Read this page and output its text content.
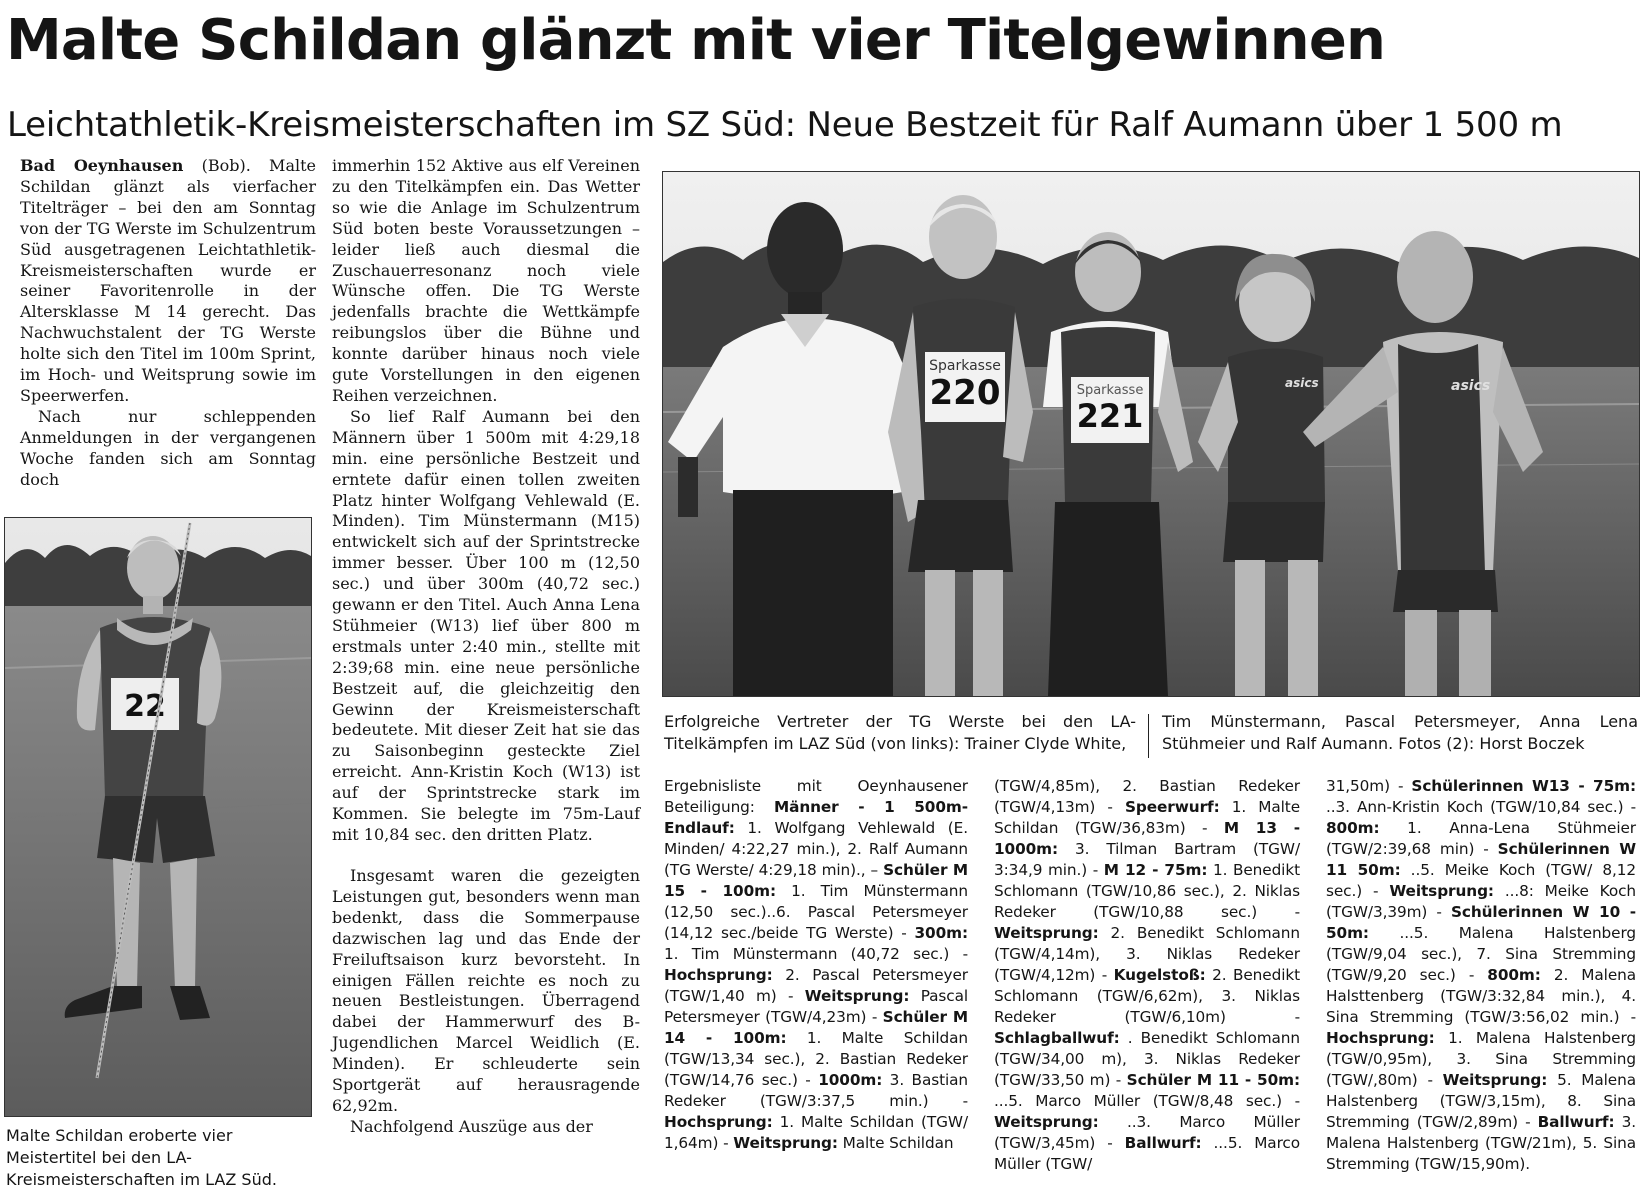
Malte Schildan glänzt mit vier Titelgewinnen
Leichtathletik-Kreismeisterschaften im SZ Süd: Neue Bestzeit für Ralf Aumann über 1 500 m

Bad Oeynhausen (Bob). Malte Schildan glänzt als vierfacher Titelträger – bei den am Sonntag von der TG Werste im Schulzentrum Süd ausgetragenen Leichtathletik-Kreismeisterschaften wurde er seiner Favoritenrolle in der Altersklasse M 14 gerecht. Das Nachwuchstalent der TG Werste holte sich den Titel im 100m Sprint, im Hoch- und Weitsprung sowie im Speerwerfen.

Nach nur schleppenden Anmeldungen in der vergangenen Woche fanden sich am Sonntag doch

22

Malte Schildan eroberte vier Meistertitel bei den LA-Kreismeisterschaften im LAZ Süd.

immerhin 152 Aktive aus elf Vereinen zu den Titelkämpfen ein. Das Wetter so wie die Anlage im Schulzentrum Süd boten beste Voraussetzungen – leider ließ auch diesmal die Zuschauerresonanz noch viele Wünsche offen. Die TG Werste jedenfalls brachte die Wettkämpfe reibungslos über die Bühne und konnte darüber hinaus noch viele gute Vorstellungen in den eigenen Reihen verzeichnen.

So lief Ralf Aumann bei den Männern über 1 500m mit 4:29,18 min. eine persönliche Bestzeit und erntete dafür einen tollen zweiten Platz hinter Wolfgang Vehlewald (E. Minden). Tim Münstermann (M15) entwickelt sich auf der Sprintstrecke immer besser. Über 100 m (12,50 sec.) und über 300m (40,72 sec.) gewann er den Titel. Auch Anna Lena Stühmeier (W13) lief über 800 m erstmals unter 2:40 min., stellte mit 2:39;68 min. eine neue persönliche Bestzeit auf, die gleichzeitig den Gewinn der Kreismeisterschaft bedeutete. Mit dieser Zeit hat sie das zu Saisonbeginn gesteckte Ziel erreicht. Ann-Kristin Koch (W13) ist auf der Sprintstrecke stark im Kommen. Sie belegte im 75m-Lauf mit 10,84 sec. den dritten Platz.

Insgesamt waren die gezeigten Leistungen gut, besonders wenn man bedenkt, dass die Sommerpause dazwischen lag und das Ende der Freiluftsaison kurz bevorsteht. In einigen Fällen reichte es noch zu neuen Bestleistungen. Überragend dabei der Hammerwurf des B-Jugendlichen Marcel Weidlich (E. Minden). Er schleuderte sein Sportgerät auf herausragende 62,92m.

Nachfolgend Auszüge aus der

220
Sparkasse
221
Sparkasse	asics	asics

Erfolgreiche Vertreter der TG Werste bei den LA-Titelkämpfen im LAZ Süd (von links): Trainer Clyde White,

Tim Münstermann, Pascal Petersmeyer, Anna Lena Stühmeier und Ralf Aumann. Fotos (2): Horst Boczek

Ergebnisliste mit Oeynhausener Beteiligung: Männer - 1 500m-Endlauf: 1. Wolfgang Vehlewald (E. Minden/ 4:22,27 min.), 2. Ralf Aumann (TG Werste/ 4:29,18 min)., – Schüler M 15 - 100m: 1. Tim Münstermann (12,50 sec.)..6. Pascal Petersmeyer (14,12 sec./beide TG Werste) - 300m: 1. Tim Münstermann (40,72 sec.) - Hochsprung: 2. Pascal Petersmeyer (TGW/1,40 m) - Weitsprung: Pascal Petersmeyer (TGW/4,23m) - Schüler M 14 - 100m: 1. Malte Schildan (TGW/13,34 sec.), 2. Bastian Redeker (TGW/14,76 sec.) - 1000m: 3. Bastian Redeker (TGW/3:37,5 min.) - Hochsprung: 1. Malte Schildan (TGW/ 1,64m) - Weitsprung: Malte Schildan

(TGW/4,85m), 2. Bastian Redeker (TGW/4,13m) - Speerwurf: 1. Malte Schildan (TGW/36,83m) - M 13 - 1000m: 3. Tilman Bartram (TGW/ 3:34,9 min.) - M 12 - 75m: 1. Benedikt Schlomann (TGW/10,86 sec.), 2. Niklas Redeker (TGW/10,88 sec.) - Weitsprung: 2. Benedikt Schlomann (TGW/4,14m), 3. Niklas Redeker (TGW/4,12m) - Kugelstoß: 2. Benedikt Schlomann (TGW/6,62m), 3. Niklas Redeker (TGW/6,10m) - Schlagballwuf: . Benedikt Schlomann (TGW/34,00 m), 3. Niklas Redeker (TGW/33,50 m) - Schüler M 11 - 50m: ...5. Marco Müller (TGW/8,48 sec.) - Weitsprung: ..3. Marco Müller (TGW/3,45m) - Ballwurf: ...5. Marco Müller (TGW/

31,50m) - Schülerinnen W13 - 75m: ..3. Ann-Kristin Koch (TGW/10,84 sec.) - 800m: 1. Anna-Lena Stühmeier (TGW/2:39,68 min) - Schülerinnen W 11 50m: ..5. Meike Koch (TGW/ 8,12 sec.) - Weitsprung: ...8: Meike Koch (TGW/3,39m) - Schülerinnen W 10 - 50m: ...5. Malena Halstenberg (TGW/9,04 sec.), 7. Sina Stremming (TGW/9,20 sec.) - 800m: 2. Malena Halsttenberg (TGW/3:32,84 min.), 4. Sina Stremming (TGW/3:56,02 min.) - Hochsprung: 1. Malena Halstenberg (TGW/0,95m), 3. Sina Stremming (TGW/,80m) - Weitsprung: 5. Malena Halstenberg (TGW/3,15m), 8. Sina Stremming (TGW/2,89m) - Ballwurf: 3. Malena Halstenberg (TGW/21m), 5. Sina Stremming (TGW/15,90m).
